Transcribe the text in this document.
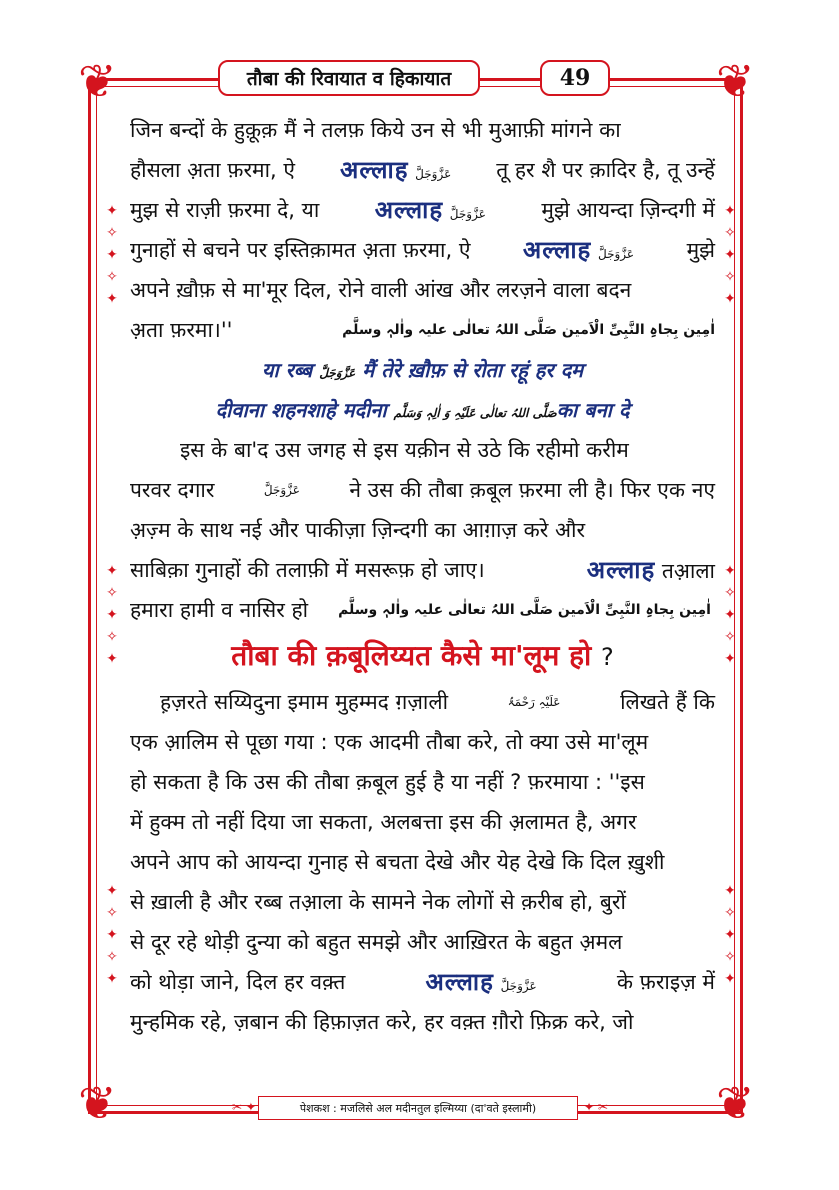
❦	❦
❦	❦
✦
✧
✦
✧
✦
✦
✧
✦
✧
✦
✦
✧
✦
✧
✦
✦
✧
✦
✧
✦
✦
✧
✦
✧
✦
✦
✧
✦
✧
✦
तौबा की रिवायात व हिकायात	49
जिन बन्दों के हुक़ूक़ मैं ने तलफ़ किये उन से भी मुआफ़ी मांगने का
हौसला अ़ता फ़रमा, ऐ अल्लाह عَزَّوَجَلَّ तू हर शै पर क़ादिर है, तू उन्हें
मुझ से राज़ी फ़रमा दे, या अल्लाह عَزَّوَجَلَّ	मुझे आयन्दा ज़िन्दगी में
गुनाहों से बचने पर इस्तिक़ामत अ़ता फ़रमा, ऐ अल्लाह عَزَّوَجَلَّ मुझे
अपने ख़ौफ़ से मा'मूर दिल, रोने वाली आंख और लरज़ने वाला बदन
अ़ता फ़रमा।''	اٰمِین بِجاہِ النَّبِیِّ الْاَمین صَلَّی اللہُ تعالٰی علیہ واٰلہٖ وسلَّم
या रब्ब عَزَّوَجَلَّ मैं तेरे ख़ौफ़ से रोता रहूं हर दम
दीवाना शहनशाहे मदीना صَلَّی اللہُ تعالٰی عَلَیْہِ وَ اٰلِہٖ وَسَلَّمका बना दे
इस के बा'द उस जगह से इस यक़ीन से उठे कि रहीमो करीम
परवर दगार	عَزَّوَجَلَّ ने उस की तौबा क़बूल फ़रमा ली है। फिर एक नए
अ़ज़्म के साथ नई और पाकीज़ा ज़िन्दगी का आग़ाज़ करे और
साबिक़ा गुनाहों की तलाफ़ी में मसरूफ़ हो जाए।	अल्लाह तआ़ला
हमारा हामी व नासिर हो اٰمِین بِجاہِ النَّبِیِّ الْاَمین صَلَّی اللہُ تعالٰی علیہ واٰلہٖ وسلَّم
तौबा की क़बूलिय्यत कैसे मा'लूम हो ?
ह़ज़रते सय्यिदुना इमाम मुहम्मद ग़ज़ाली	عَلَیْہِ رَحْمَۃُ	लिखते हैं कि
एक आ़लिम से पूछा गया : एक आदमी तौबा करे, तो क्या उसे मा'लूम
हो सकता है कि उस की तौबा क़बूल हुई है या नहीं ? फ़रमाया : ''इस
में हुक्म तो नहीं दिया जा सकता, अलबत्ता इस की अ़लामत है, अगर
अपने आप को आयन्दा गुनाह से बचता देखे और येह देखे कि दिल ख़ुशी
से ख़ाली है और रब्ब तआ़ला के सामने नेक लोगों से क़रीब हो, बुरों
से दूर रहे थोड़ी दुन्या को बहुत समझे और आख़िरत के बहुत अ़मल
को थोड़ा जाने, दिल हर वक़्त	अल्लाह عَزَّوَجَلَّ	के फ़राइज़ में
मुन्हमिक रहे, ज़बान की हिफ़ाज़त करे, हर वक़्त ग़ौरो फ़िक्र करे, जो
✂ ✦	पेशकश : मजलिसे अल मदीनतुल इल्मिय्या (दा'वते इस्लामी)	✦ ✂
